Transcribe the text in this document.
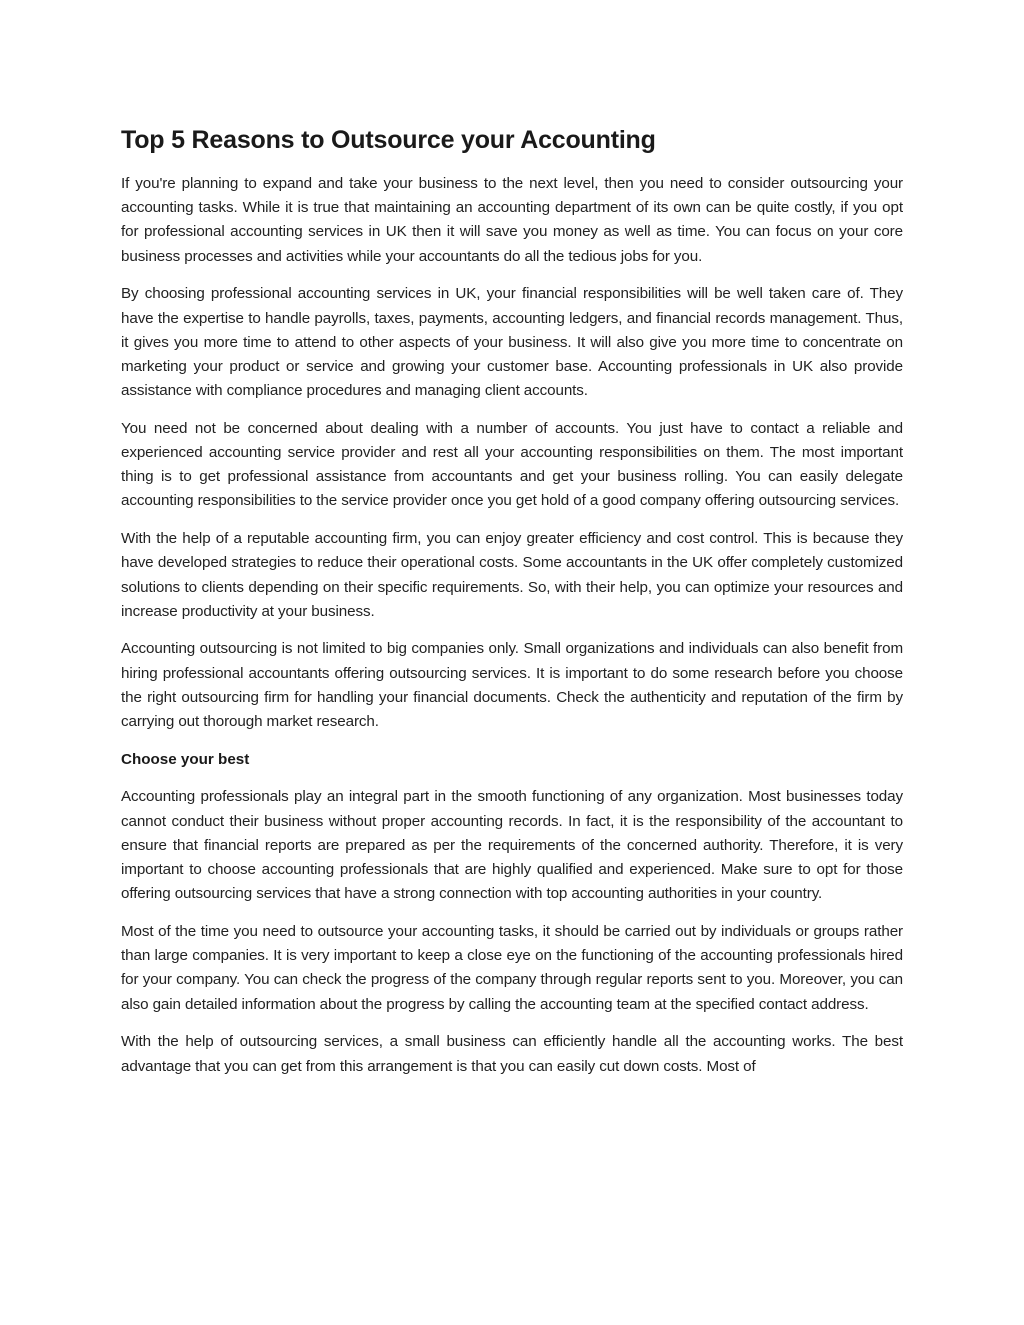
Top 5 Reasons to Outsource your Accounting

If you're planning to expand and take your business to the next level, then you need to consider outsourcing your accounting tasks. While it is true that maintaining an accounting department of its own can be quite costly, if you opt for professional accounting services in UK then it will save you money as well as time. You can focus on your core business processes and activities while your accountants do all the tedious jobs for you.

By choosing professional accounting services in UK, your financial responsibilities will be well taken care of. They have the expertise to handle payrolls, taxes, payments, accounting ledgers, and financial records management. Thus, it gives you more time to attend to other aspects of your business. It will also give you more time to concentrate on marketing your product or service and growing your customer base. Accounting professionals in UK also provide assistance with compliance procedures and managing client accounts.

You need not be concerned about dealing with a number of accounts. You just have to contact a reliable and experienced accounting service provider and rest all your accounting responsibilities on them. The most important thing is to get professional assistance from accountants and get your business rolling. You can easily delegate accounting responsibilities to the service provider once you get hold of a good company offering outsourcing services.

With the help of a reputable accounting firm, you can enjoy greater efficiency and cost control. This is because they have developed strategies to reduce their operational costs. Some accountants in the UK offer completely customized solutions to clients depending on their specific requirements. So, with their help, you can optimize your resources and increase productivity at your business.

Accounting outsourcing is not limited to big companies only. Small organizations and individuals can also benefit from hiring professional accountants offering outsourcing services. It is important to do some research before you choose the right outsourcing firm for handling your financial documents. Check the authenticity and reputation of the firm by carrying out thorough market research.

Choose your best

Accounting professionals play an integral part in the smooth functioning of any organization. Most businesses today cannot conduct their business without proper accounting records. In fact, it is the responsibility of the accountant to ensure that financial reports are prepared as per the requirements of the concerned authority. Therefore, it is very important to choose accounting professionals that are highly qualified and experienced. Make sure to opt for those offering outsourcing services that have a strong connection with top accounting authorities in your country.

Most of the time you need to outsource your accounting tasks, it should be carried out by individuals or groups rather than large companies. It is very important to keep a close eye on the functioning of the accounting professionals hired for your company. You can check the progress of the company through regular reports sent to you. Moreover, you can also gain detailed information about the progress by calling the accounting team at the specified contact address.

With the help of outsourcing services, a small business can efficiently handle all the accounting works. The best advantage that you can get from this arrangement is that you can easily cut down costs. Most of
